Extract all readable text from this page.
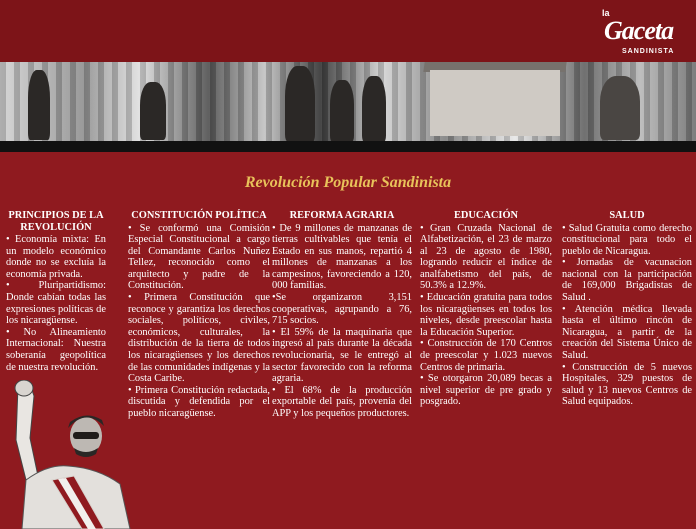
la
Gaceta
SANDINISTA
Revolución Popular Sandinista
PRINCIPIOS DE LA REVOLUCIÓN

• Economía mixta: En un modelo económico donde no se excluía la economía privada.

• Pluripartidismo: Donde cabían todas las expresiones políticas de los nicaragüense.

• No Alineamiento Internacional: Nuestra soberanía geopolítica de nuestra revolución.

CONSTITUCIÓN POLÍTICA

• Se conformó una Comisión Especial Constitucional a cargo del Comandante Carlos Nuñez Tellez, reconocido como el arquitecto y padre de la Constitución.

• Primera Constitución que reconoce y garantiza los derechos sociales, políticos, civiles, económicos, culturales, la distribución de la tierra de todos los nicaragüenses y los derechos de las comunidades indígenas y la Costa Caribe.

• Primera Constitución redactada, discutida y defendida por el pueblo nicaragüense.

REFORMA AGRARIA

• De 9 millones de manzanas de tierras cultivables que tenía el Estado en sus manos, repartió 4 millones de manzanas a los campesinos, favoreciendo a 120, 000 familias.

•Se organizaron 3,151 cooperativas, agrupando a 76, 715 socios.

• El 59% de la maquinaria que ingresó al país durante la década revolucionaria, se le entregó al sector favorecido con la reforma agraria.

• El 68% de la producción exportable del país, provenía del APP y los pequeños productores.

EDUCACIÓN

• Gran Cruzada Nacional de Alfabetización, el 23 de marzo al 23 de agosto de 1980, logrando reducir el índice de analfabetismo del país, de 50.3% a 12.9%.

• Educación gratuita para todos los nicaragüenses en todos los niveles, desde preescolar hasta la Educación Superior.

• Construcción de 170 Centros de preescolar y 1.023 nuevos Centros de primaria.

• Se otorgaron 20,089 becas a nivel superior de pre grado y posgrado.

SALUD

• Salud Gratuita como derecho constitucional para todo el pueblo de Nicaragua.

• Jornadas de vacunacion nacional con la participación de 169,000 Brigadistas de Salud .

• Atención médica llevada hasta el último rincón de Nicaragua, a partir de la creación del Sistema Único de Salud.

• Construcción de 5 nuevos Hospitales, 329 puestos de salud y 13 nuevos Centros de Salud equipados.
